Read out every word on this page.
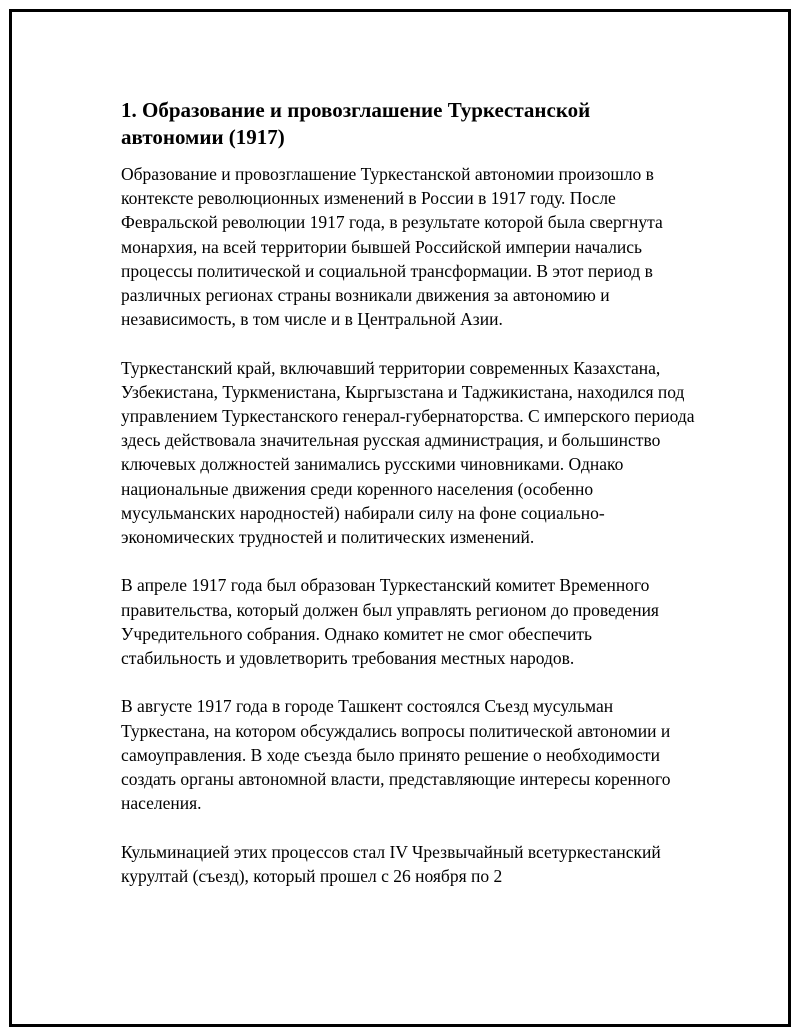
1. Образование и провозглашение Туркестанской автономии (1917)

Образование и провозглашение Туркестанской автономии произошло в контексте революционных изменений в России в 1917 году. После Февральской революции 1917 года, в результате которой была свергнута монархия, на всей территории бывшей Российской империи начались процессы политической и социальной трансформации. В этот период в различных регионах страны возникали движения за автономию и независимость, в том числе и в Центральной Азии.

Туркестанский край, включавший территории современных Казахстана, Узбекистана, Туркменистана, Кыргызстана и Таджикистана, находился под управлением Туркестанского генерал-губернаторства. С имперского периода здесь действовала значительная русская администрация, и большинство ключевых должностей занимались русскими чиновниками. Однако национальные движения среди коренного населения (особенно мусульманских народностей) набирали силу на фоне социально-экономических трудностей и политических изменений.

В апреле 1917 года был образован Туркестанский комитет Временного правительства, который должен был управлять регионом до проведения Учредительного собрания. Однако комитет не смог обеспечить стабильность и удовлетворить требования местных народов.

В августе 1917 года в городе Ташкент состоялся Съезд мусульман Туркестана, на котором обсуждались вопросы политической автономии и самоуправления. В ходе съезда было принято решение о необходимости создать органы автономной власти, представляющие интересы коренного населения.

Кульминацией этих процессов стал IV Чрезвычайный всетуркестанский курултай (съезд), который прошел с 26 ноября по 2
